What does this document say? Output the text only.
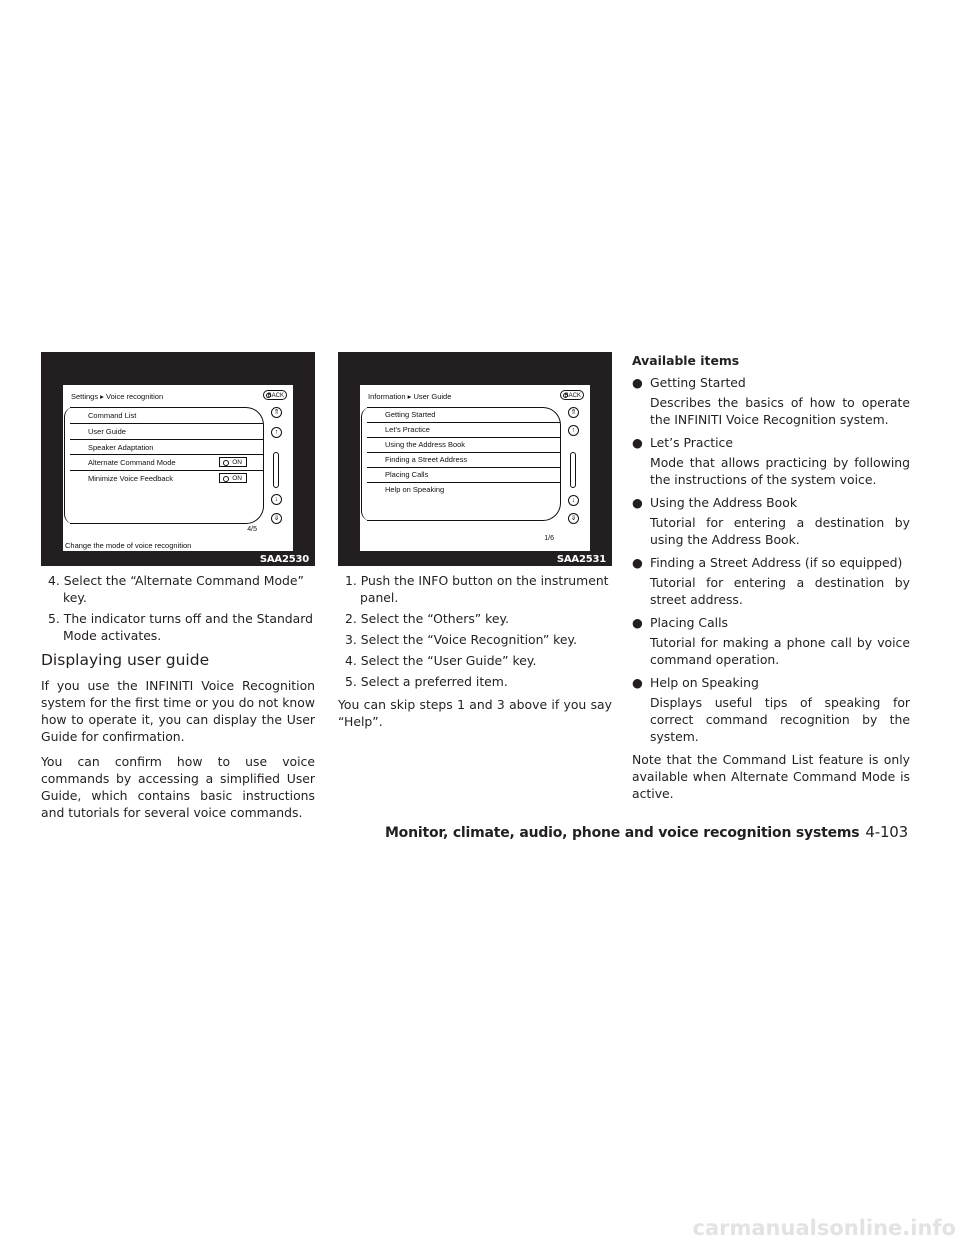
Settings ▸ Voice recognition	BACK
Command List
User Guide
Speaker Adaptation
Alternate Command Mode	ON
Minimize Voice Feedback	ON
⇑
↑
↓
⇓
4/5
Change the mode of voice recognition
SAA2530
4. Select the “Alternate Command Mode” key.
5. The indicator turns off and the Standard Mode activates.
Displaying user guide

If you use the INFINITI Voice Recognition system for the first time or you do not know how to operate it, you can display the User Guide for confirmation.

You can confirm how to use voice commands by accessing a simplified User Guide, which contains basic instructions and tutorials for several voice commands.

Information ▸ User Guide	BACK
Getting Started
Let’s Practice
Using the Address Book
Finding a Street Address
Placing Calls
Help on Speaking
⇑
↑
↓
⇓
1/6
SAA2531
1. Push the INFO button on the instrument panel.
2. Select the “Others” key.
3. Select the “Voice Recognition” key.
4. Select the “User Guide” key.
5. Select a preferred item.

You can skip steps 1 and 3 above if you say “Help”.

Available items
● Getting Started
Describes the basics of how to operate the INFINITI Voice Recognition system.
● Let’s Practice
Mode that allows practicing by following the instructions of the system voice.
● Using the Address Book
Tutorial for entering a destination by using the Address Book.
● Finding a Street Address (if so equipped)
Tutorial for entering a destination by street address.
● Placing Calls
Tutorial for making a phone call by voice command operation.
● Help on Speaking
Displays useful tips of speaking for correct command recognition by the system.

Note that the Command List feature is only available when Alternate Command Mode is active.

Monitor, climate, audio, phone and voice recognition systems 4-103
carmanualsonline.info
